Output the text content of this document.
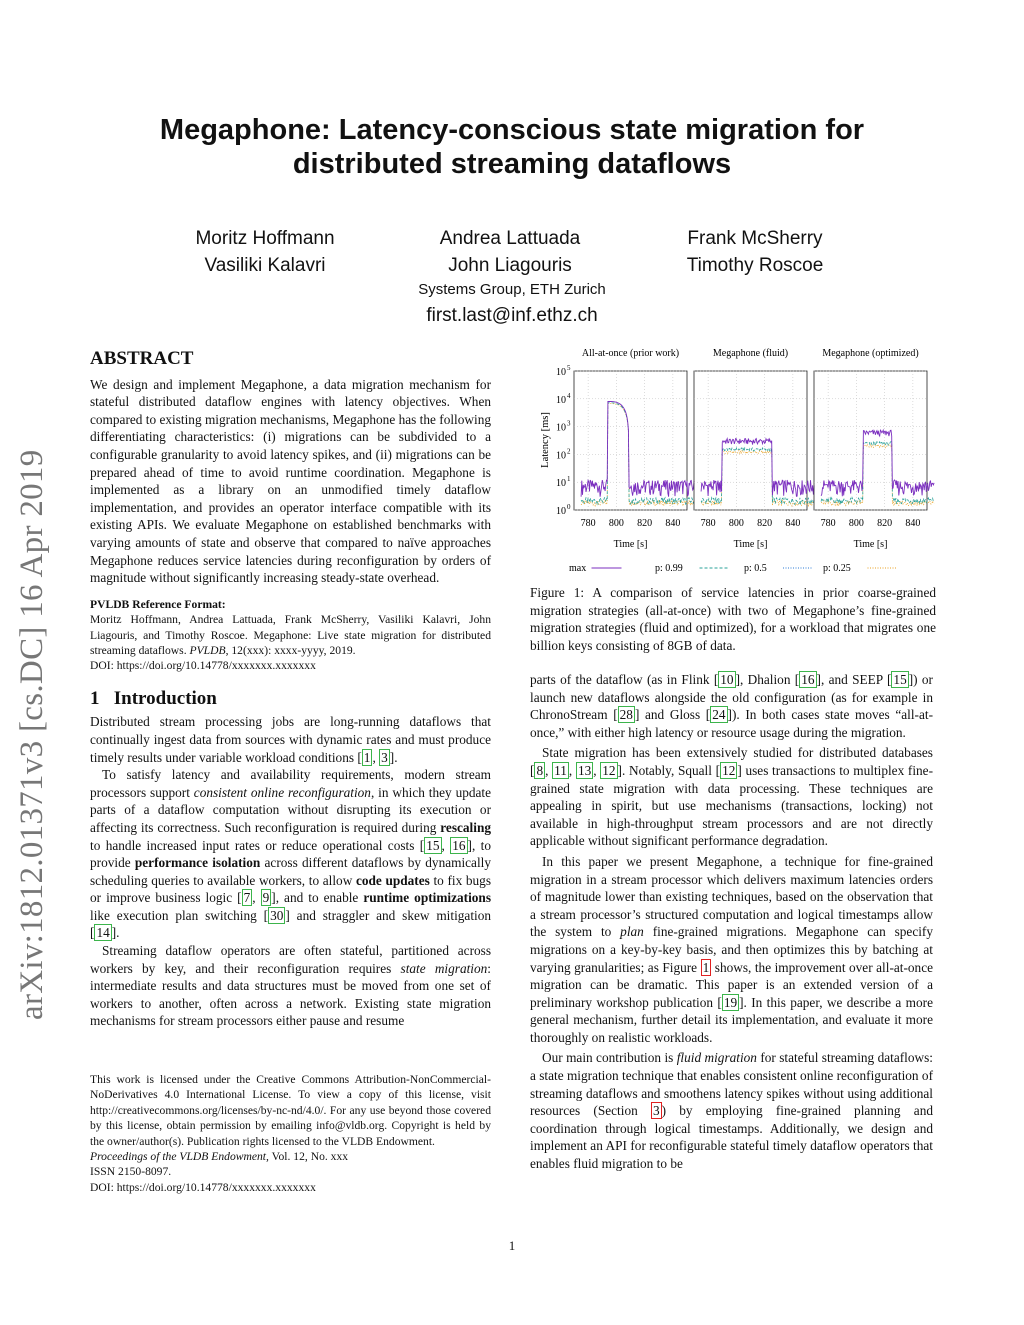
Megaphone: Latency-conscious state migration for
distributed streaming dataflows
Moritz Hoffmann
Vasiliki Kalavri
Andrea Lattuada
John Liagouris
Frank McSherry
Timothy Roscoe
Systems Group, ETH Zurich
first.last@inf.ethz.ch
arXiv:1812.01371v3 [cs.DC] 16 Apr 2019
ABSTRACT

We design and implement Megaphone, a data migration mechanism for stateful distributed dataflow engines with latency objectives. When compared to existing migration mechanisms, Megaphone has the following differentiating characteristics: (i) migrations can be subdivided to a configurable granularity to avoid latency spikes, and (ii) migrations can be prepared ahead of time to avoid runtime coordination. Megaphone is implemented as a library on an unmodified timely dataflow implementation, and provides an operator interface compatible with its existing APIs. We evaluate Megaphone on established benchmarks with varying amounts of state and observe that compared to naïve approaches Megaphone reduces service latencies during reconfiguration by orders of magnitude without significantly increasing steady-state overhead.

PVLDB Reference Format:

Moritz Hoffmann, Andrea Lattuada, Frank McSherry, Vasiliki Kalavri, John Liagouris, and Timothy Roscoe. Megaphone: Live state migration for distributed streaming dataflows. PVLDB, 12(xxx): xxxx-yyyy, 2019.

DOI: https://doi.org/10.14778/xxxxxxx.xxxxxxx
1 Introduction

Distributed stream processing jobs are long-running dataflows that continually ingest data from sources with dynamic rates and must produce timely results under variable workload conditions [ 1 , 3 ].

To satisfy latency and availability requirements, modern stream processors support consistent online reconfiguration, in which they update parts of a dataflow computation without disrupting its execution or affecting its correctness. Such reconfiguration is required during rescaling to handle increased input rates or reduce operational costs [ 15 , 16 ], to provide performance isolation across different dataflows by dynamically scheduling queries to available workers, to allow code updates to fix bugs or improve business logic [ 7 , 9 ], and to enable runtime optimizations like execution plan switching [ 30 ] and straggler and skew mitigation [ 14 ].

Streaming dataflow operators are often stateful, partitioned across workers by key, and their reconfiguration requires state migration: intermediate results and data structures must be moved from one set of workers to another, often across a network. Existing state migration mechanisms for stream processors either pause and resume

This work is licensed under the Creative Commons Attribution-NonCommercial-NoDerivatives 4.0 International License. To view a copy of this license, visit http://creativecommons.org/licenses/by-nc-nd/4.0/. For any use beyond those covered by this license, obtain permission by emailing info@vldb.org. Copyright is held by the owner/author(s). Publication rights licensed to the VLDB Endowment.

Proceedings of the VLDB Endowment, Vol. 12, No. xxx
ISSN 2150-8097.
DOI: https://doi.org/10.14778/xxxxxxx.xxxxxxx
Latency [ms]
All-at-once (prior work)
780 800 820 840
Time [s]
Megaphone (fluid)
780 800 820 840
Time [s]
Megaphone (optimized)
780 800 820 840
Time [s]
10 0
10 1
10 2
10 3
10 4
10 5
max	p: 0.99	p: 0.5	p: 0.25
Figure 1: A comparison of service latencies in prior coarse-grained migration strategies (all-at-once) with two of Megaphone’s fine-grained migration strategies (fluid and optimized), for a workload that migrates one billion keys consisting of 8GB of data.

parts of the dataflow (as in Flink [ 10 ], Dhalion [ 16 ], and SEEP [ 15 ]) or launch new dataflows alongside the old configuration (as for example in ChronoStream [ 28 ] and Gloss [ 24 ]). In both cases state moves “all-at-once,” with either high latency or resource usage during the migration.

State migration has been extensively studied for distributed databases [ 8 , 11 , 13 , 12 ]. Notably, Squall [ 12 ] uses transactions to multiplex fine-grained state migration with data processing. These techniques are appealing in spirit, but use mechanisms (transactions, locking) not available in high-throughput stream processors and are not directly applicable without significant performance degradation.

In this paper we present Megaphone, a technique for fine-grained migration in a stream processor which delivers maximum latencies orders of magnitude lower than existing techniques, based on the observation that a stream processor’s structured computation and logical timestamps allow the system to plan fine-grained migrations. Megaphone can specify migrations on a key-by-key basis, and then optimizes this by batching at varying granularities; as Figure 1 shows, the improvement over all-at-once migration can be dramatic. This paper is an extended version of a preliminary workshop publication [ 19 ]. In this paper, we describe a more general mechanism, further detail its implementation, and evaluate it more thoroughly on realistic workloads.

Our main contribution is fluid migration for stateful streaming dataflows: a state migration technique that enables consistent online reconfiguration of streaming dataflows and smoothens latency spikes without using additional resources (Section 3 ) by employing fine-grained planning and coordination through logical timestamps. Additionally, we design and implement an API for reconfigurable stateful timely dataflow operators that enables fluid migration to be

1
